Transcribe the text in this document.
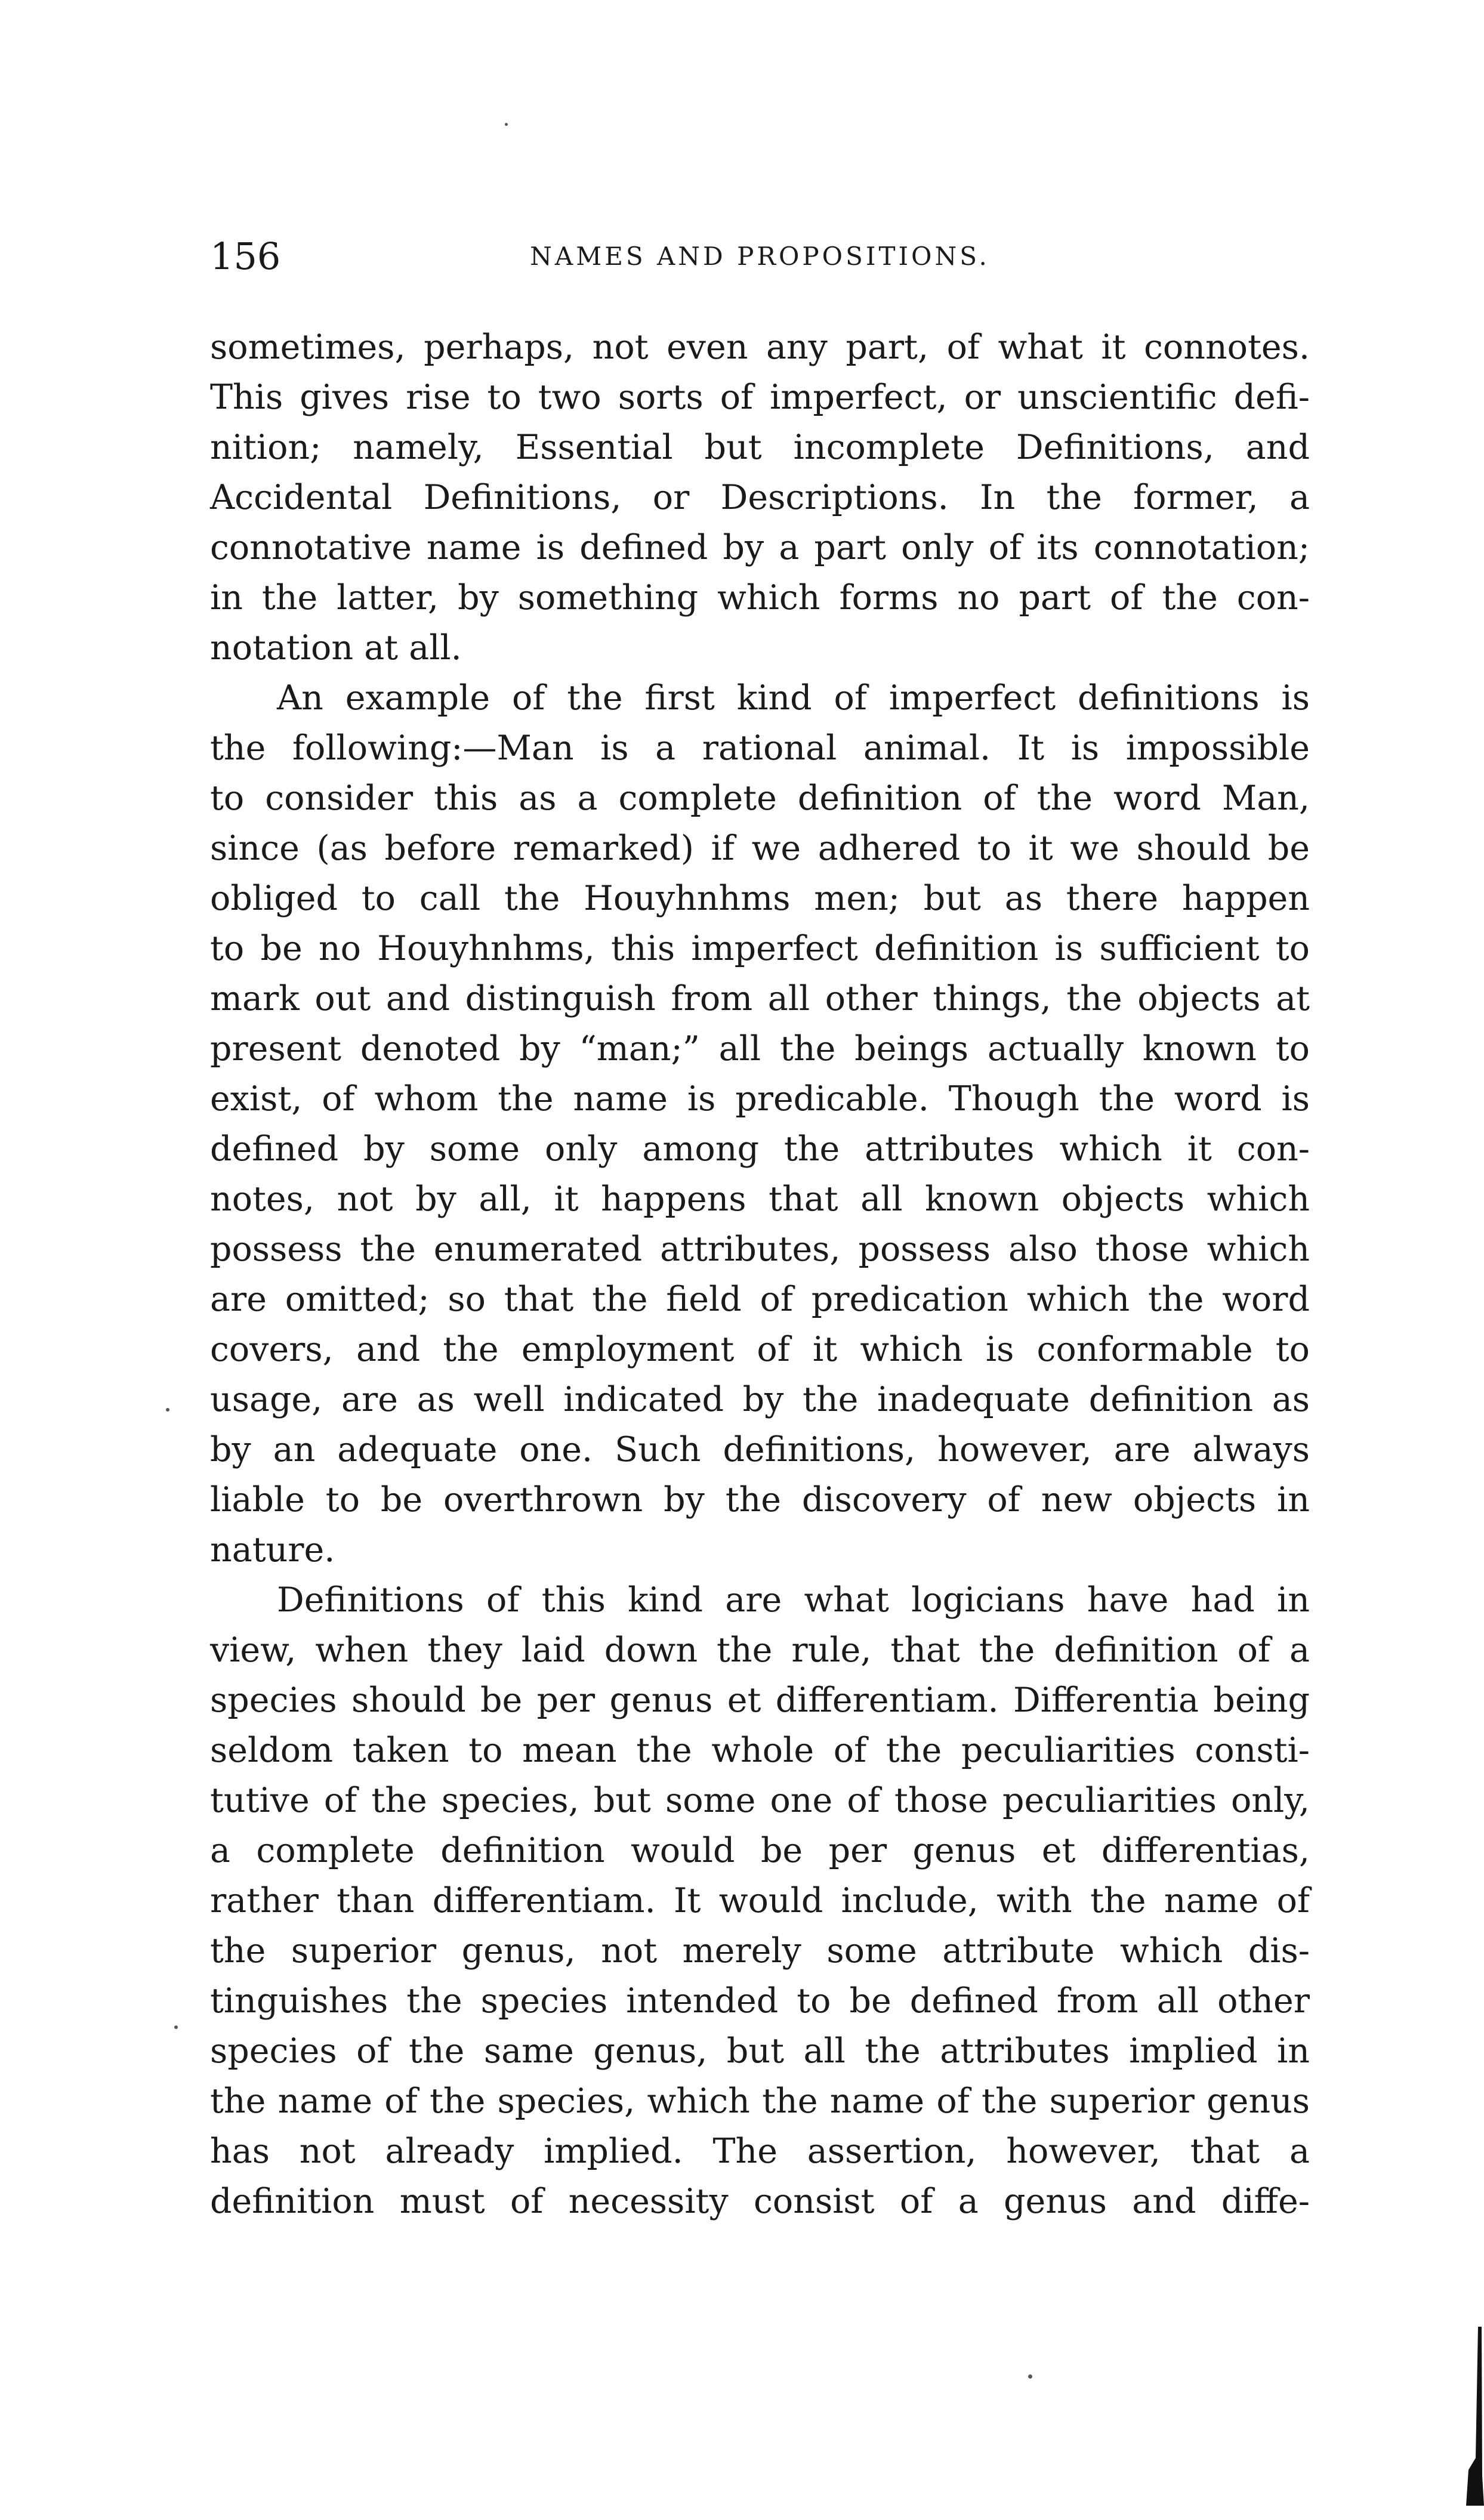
156	NAMES AND PROPOSITIONS.
sometimes, perhaps, not even any part, of what it connotes.
This gives rise to two sorts of imperfect, or unscientific defi-
nition; namely, Essential but incomplete Definitions, and
Accidental Definitions, or Descriptions. In the former, a
connotative name is defined by a part only of its connotation;
in the latter, by something which forms no part of the con-
notation at all.
An example of the first kind of imperfect definitions is
the following:—Man is a rational animal. It is impossible
to consider this as a complete definition of the word Man,
since (as before remarked) if we adhered to it we should be
obliged to call the Houyhnhms men; but as there happen
to be no Houyhnhms, this imperfect definition is sufficient to
mark out and distinguish from all other things, the objects at
present denoted by “man;” all the beings actually known to
exist, of whom the name is predicable. Though the word is
defined by some only among the attributes which it con-
notes, not by all, it happens that all known objects which
possess the enumerated attributes, possess also those which
are omitted; so that the field of predication which the word
covers, and the employment of it which is conformable to
usage, are as well indicated by the inadequate definition as
by an adequate one. Such definitions, however, are always
liable to be overthrown by the discovery of new objects in
nature.
Definitions of this kind are what logicians have had in
view, when they laid down the rule, that the definition of a
species should be per genus et differentiam. Differentia being
seldom taken to mean the whole of the peculiarities consti-
tutive of the species, but some one of those peculiarities only,
a complete definition would be per genus et differentias,
rather than differentiam. It would include, with the name of
the superior genus, not merely some attribute which dis-
tinguishes the species intended to be defined from all other
species of the same genus, but all the attributes implied in
the name of the species, which the name of the superior genus
has not already implied. The assertion, however, that a
definition must of necessity consist of a genus and diffe-
